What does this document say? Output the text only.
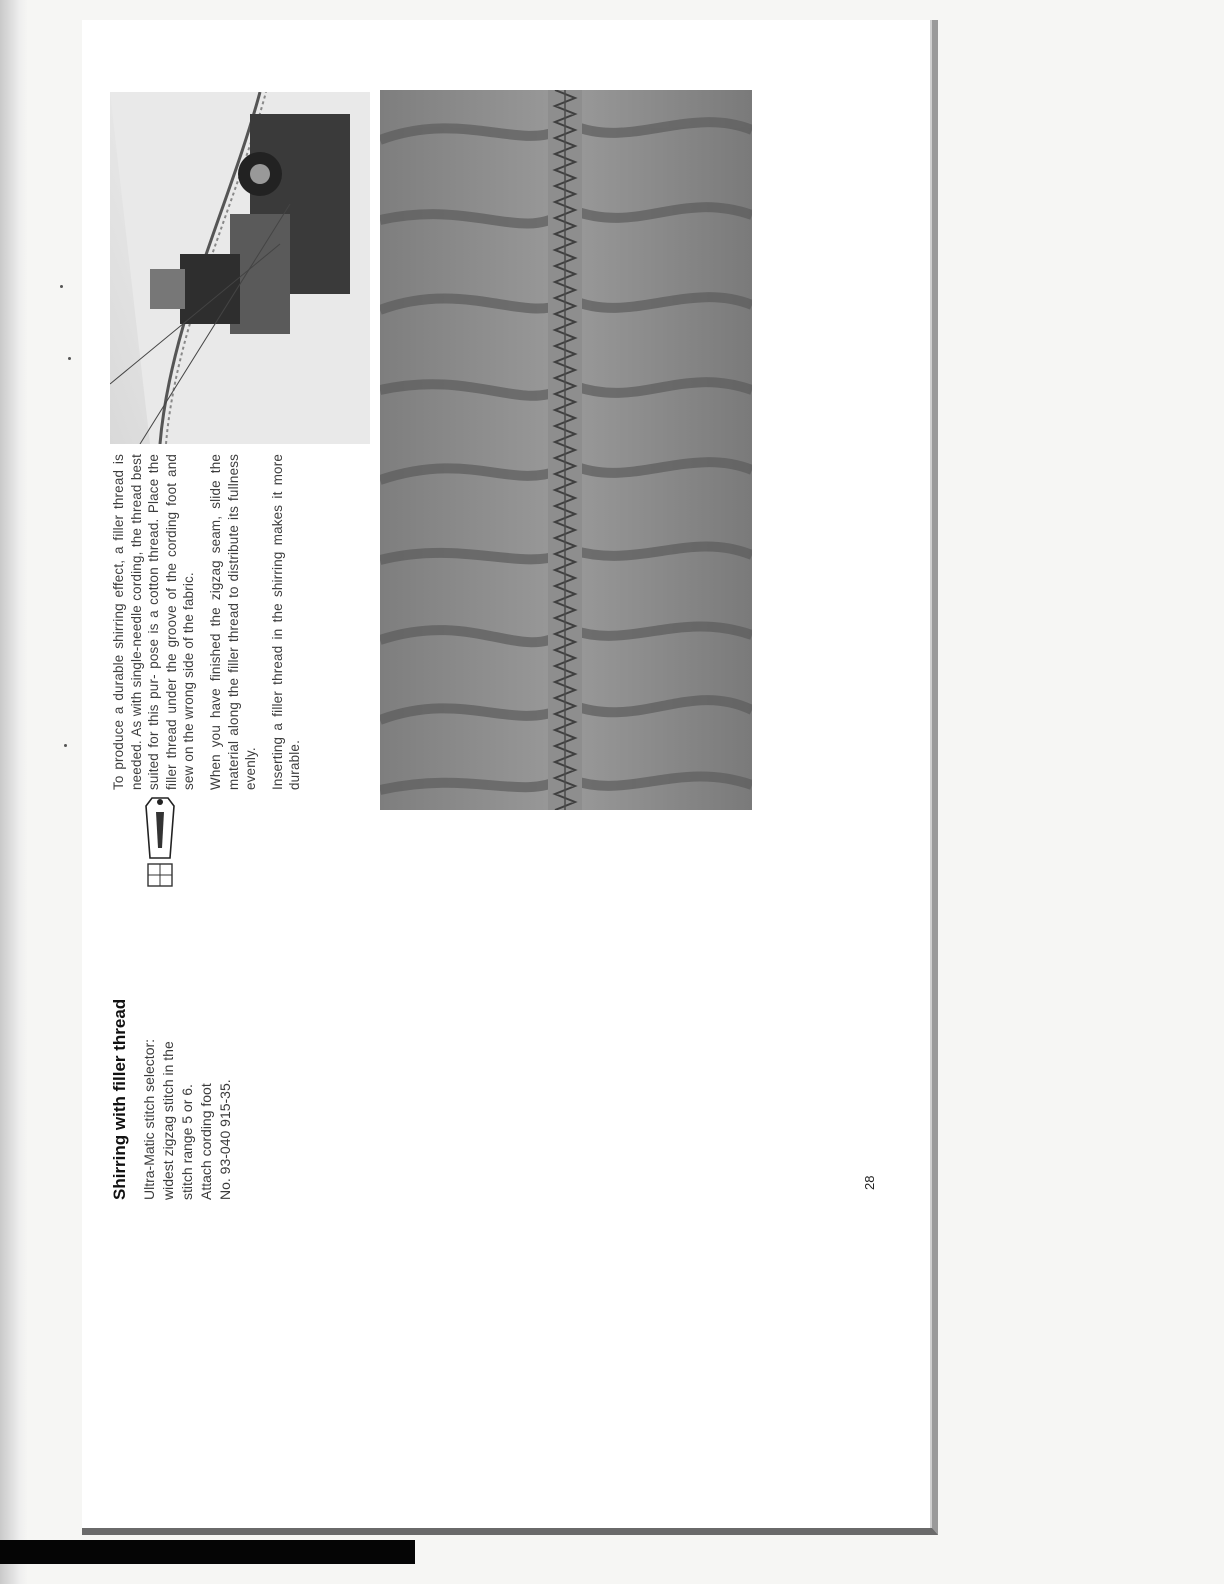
Shirring with filler thread Ultra-Matic stitch selector: widest zigzag stitch in the stitch range 5 or 6. Attach cording foot No. 93-040 915-35.

To produce a durable shirring effect, a filler thread is needed. As with single-needle cording, the thread best suited for this pur- pose is a cotton thread. Place the filler thread under the groove of the cording foot and sew on the wrong side of the fabric. When you have finished the zigzag seam, slide the material along the filler thread to distribute its fullness evenly. Inserting a filler thread in the shirring makes it more durable.

28
